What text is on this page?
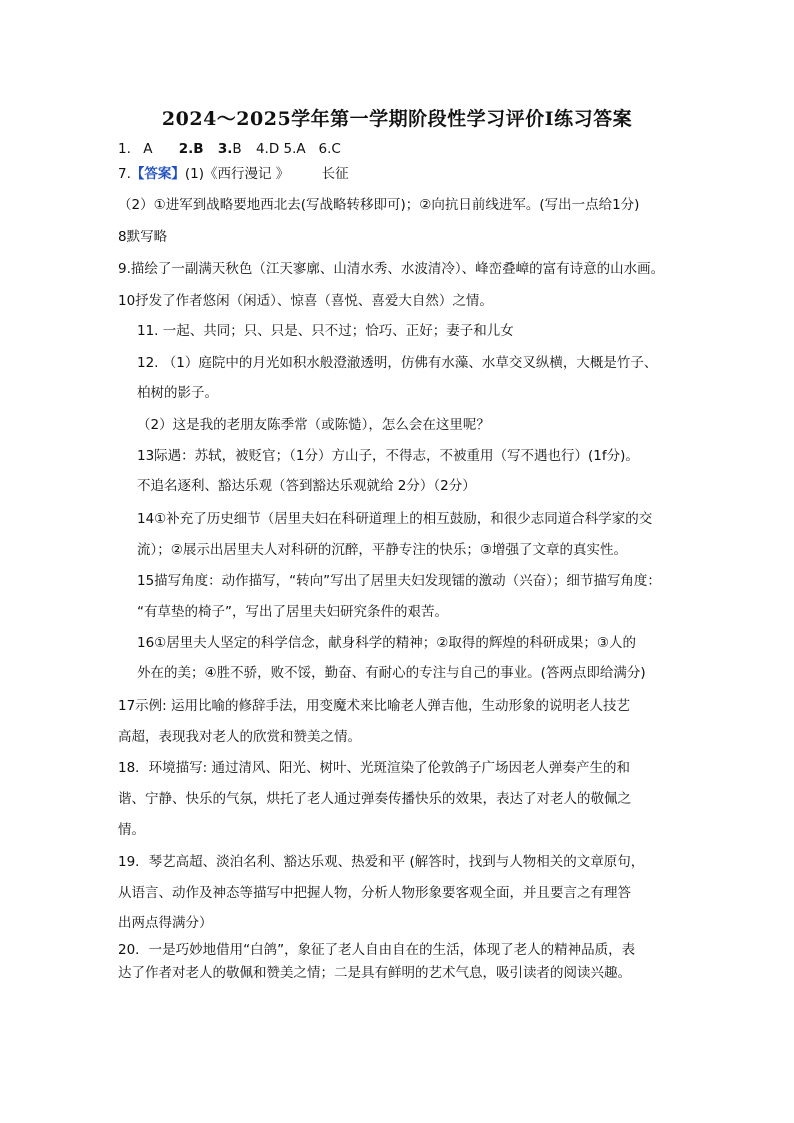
2024～2025学年第一学期阶段性学习评价Ⅰ练习答案
1. A 2.B 3.B 4.D 5.A   6.C
7.【答案】(1)《西行漫记 》 长征
（2）①进军到战略要地西北去(写战略转移即可)；②向抗日前线进军。(写出一点给1分)
8默写略
9.描绘了一副满天秋色（江天寥廓、山清水秀、水波清冷）、峰峦叠嶂的富有诗意的山水画。
10抒发了作者悠闲（闲适）、惊喜（喜悦、喜爱大自然）之情。
11. 一起、共同；只、只是、只不过；恰巧、正好；妻子和儿女
12. （1）庭院中的月光如积水般澄澈透明，仿佛有水藻、水草交叉纵横，大概是竹子、
柏树的影子。
（2）这是我的老朋友陈季常（或陈慥），怎么会在这里呢？
13际遇：苏轼，被贬官；（1分）方山子，不得志，不被重用（写不遇也行）(1f分)。
不追名逐利、豁达乐观（答到豁达乐观就给 2分）（2分）
14①补充了历史细节（居里夫妇在科研道理上的相互鼓励，和很少志同道合科学家的交
流）；②展示出居里夫人对科研的沉醉，平静专注的快乐；③增强了文章的真实性。
15描写角度：动作描写，“转向”写出了居里夫妇发现镭的激动（兴奋）；细节描写角度：
“有草垫的椅子”，写出了居里夫妇研究条件的艰苦。
16①居里夫人坚定的科学信念，献身科学的精神；②取得的辉煌的科研成果；③人的
外在的美；④胜不骄，败不馁，勤奋、有耐心的专注与自己的事业。(答两点即给满分)
17示例: 运用比喻的修辞手法，用变魔术来比喻老人弹吉他，生动形象的说明老人技艺
高超，表现我对老人的欣赏和赞美之情。
18．环境描写: 通过清风、阳光、树叶、光斑渲染了伦敦鸽子广场因老人弹奏产生的和
谐、宁静、快乐的气氛，烘托了老人通过弹奏传播快乐的效果，表达了对老人的敬佩之
情。
19．琴艺高超、淡泊名利、豁达乐观、热爱和平 (解答时，找到与人物相关的文章原句，
从语言、动作及神态等描写中把握人物，分析人物形象要客观全面，并且要言之有理答
出两点得满分）
20．一是巧妙地借用“白鸽”，象征了老人自由自在的生活，体现了老人的精神品质，表
达了作者对老人的敬佩和赞美之情；二是具有鲜明的艺术气息，吸引读者的阅读兴趣。
